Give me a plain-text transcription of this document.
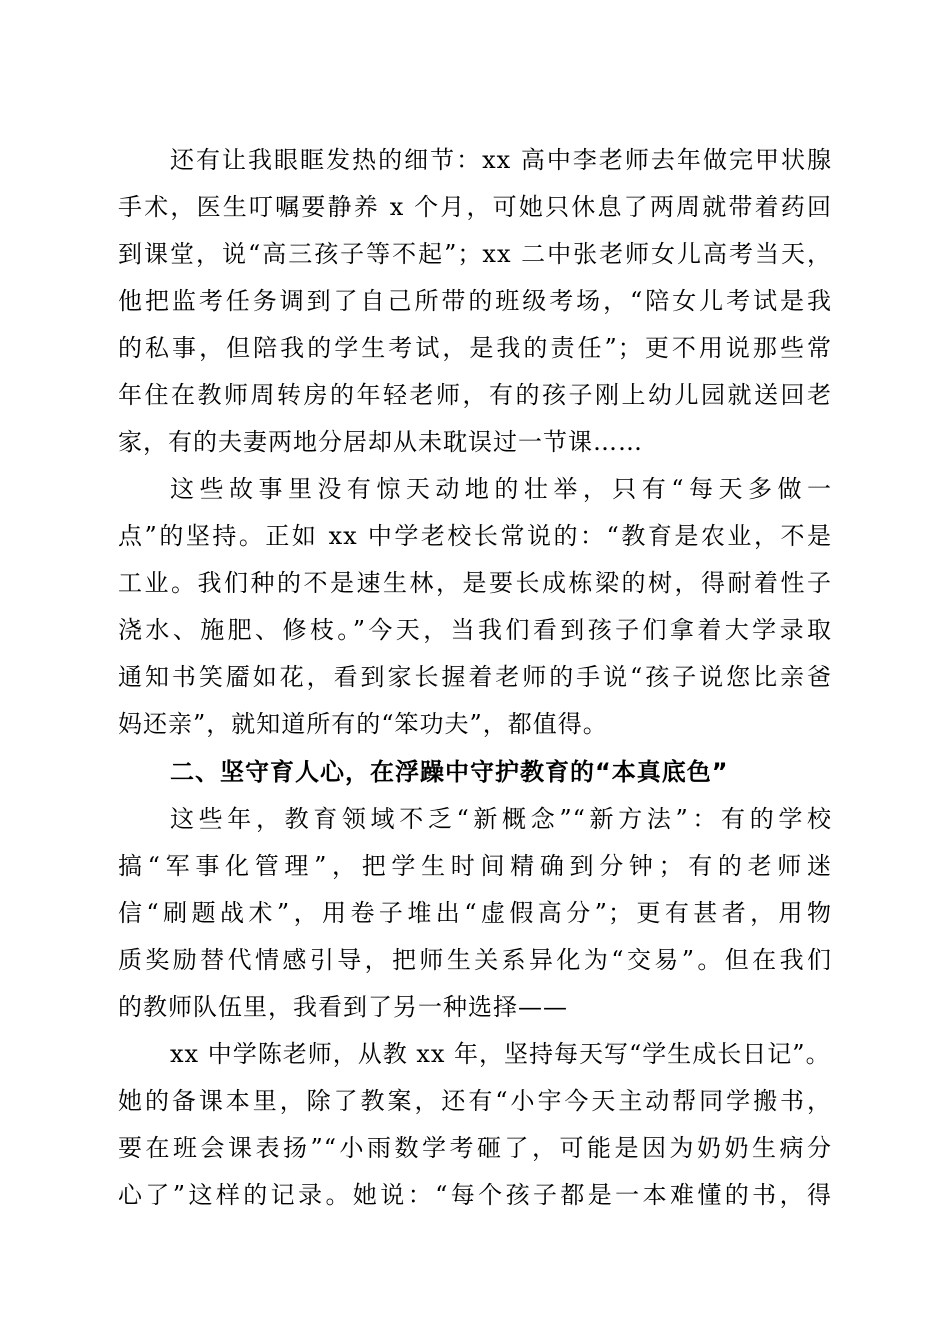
还有让我眼眶发热的细节：xx 高中李老师去年做完甲状腺
手术，医生叮嘱要静养 x 个月，可她只休息了两周就带着药回
到课堂，说“高三孩子等不起”；xx 二中张老师女儿高考当天，
他把监考任务调到了自己所带的班级考场，“陪女儿考试是我
的私事，但陪我的学生考试，是我的责任”；更不用说那些常
年住在教师周转房的年轻老师，有的孩子刚上幼儿园就送回老
家，有的夫妻两地分居却从未耽误过一节课……
这些故事里没有惊天动地的壮举，只有“每天多做一
点”的坚持。正如 xx 中学老校长常说的：“教育是农业，不是
工业。我们种的不是速生林，是要长成栋梁的树，得耐着性子
浇水、施肥、修枝。”今天，当我们看到孩子们拿着大学录取
通知书笑靥如花，看到家长握着老师的手说“孩子说您比亲爸
妈还亲”，就知道所有的“笨功夫”，都值得。
二、坚守育人心，在浮躁中守护教育的“本真底色”
这些年，教育领域不乏“新概念”“新方法”：有的学校
搞“军事化管理”，把学生时间精确到分钟；有的老师迷
信“刷题战术”，用卷子堆出“虚假高分”；更有甚者，用物
质奖励替代情感引导，把师生关系异化为“交易”。但在我们
的教师队伍里，我看到了另一种选择——
xx 中学陈老师，从教 xx 年，坚持每天写“学生成长日记”。
她的备课本里，除了教案，还有“小宇今天主动帮同学搬书，
要在班会课表扬”“小雨数学考砸了，可能是因为奶奶生病分
心了”这样的记录。她说：“每个孩子都是一本难懂的书，得
